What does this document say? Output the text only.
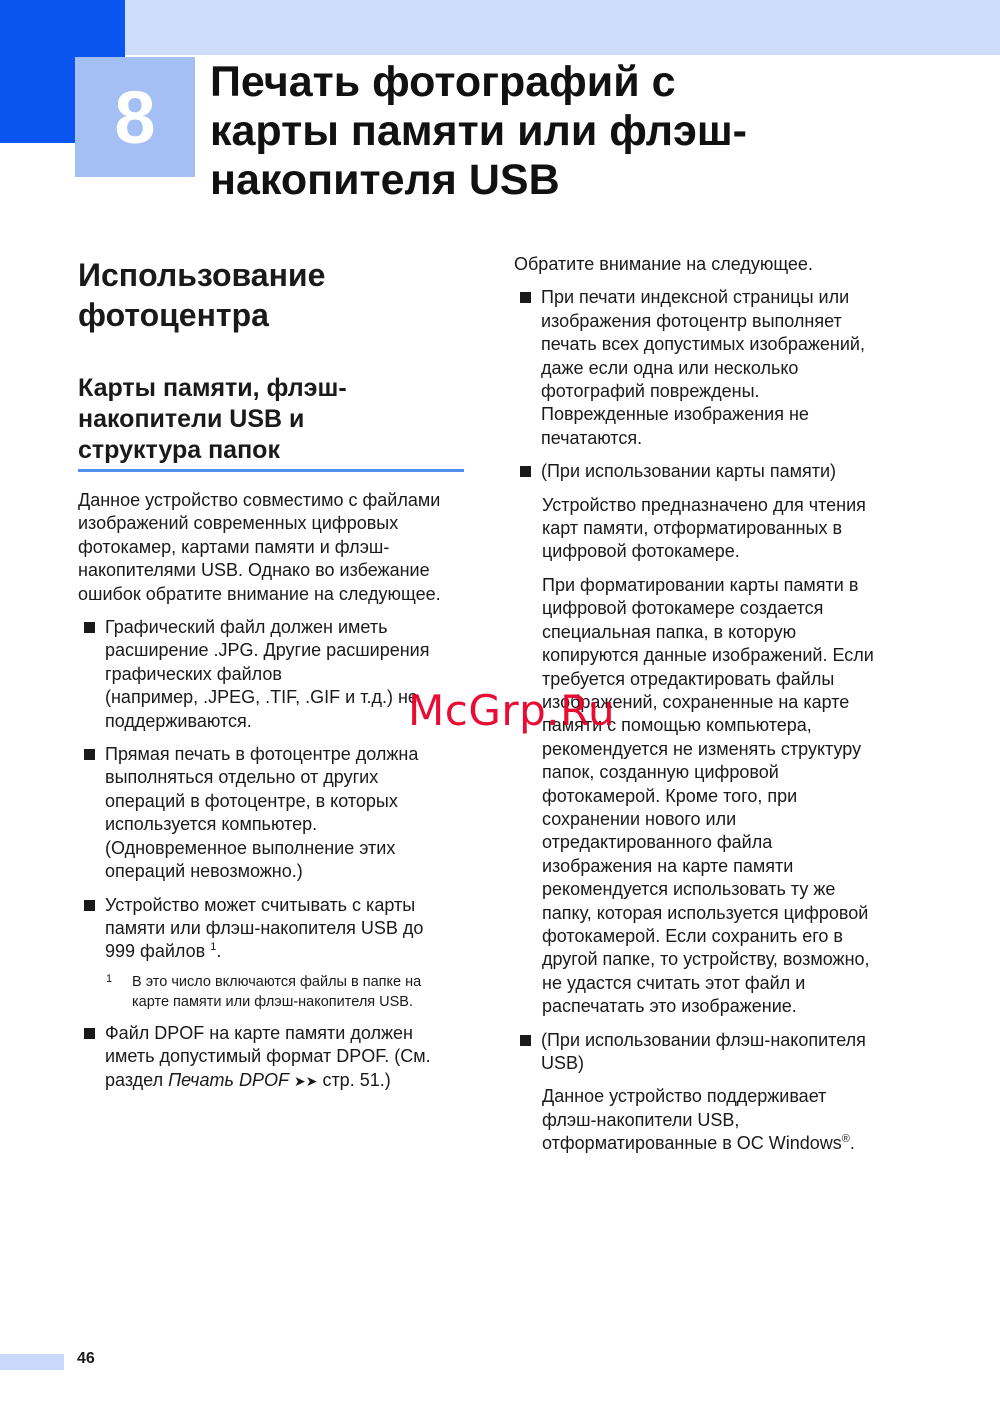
8	Печать фотографий с
карты памяти или флэш-
накопителя USB
Использование
фотоцентра
Карты памяти, флэш-
накопители USB и
структура папок
Данное устройство совместимо с файлами
изображений современных цифровых
фотокамер, картами памяти и флэш-
накопителями USB. Однако во избежание
ошибок обратите внимание на следующее.
Графический файл должен иметь
расширение .JPG. Другие расширения
графических файлов
(например, .JPEG, .TIF, .GIF и т.д.) не
поддерживаются.
Прямая печать в фотоцентре должна
выполняться отдельно от других
операций в фотоцентре, в которых
используется компьютер.
(Одновременное выполнение этих
операций невозможно.)
Устройство может считывать с карты
памяти или флэш-накопителя USB до
999 файлов $^1$.
1 В это число включаются файлы в папке на
карте памяти или флэш-накопителя USB.
Файл DPOF на карте памяти должен
иметь допустимый формат DPOF. (См.
раздел Печать DPOF ➤➤ стр. 51.)
Обратите внимание на следующее.
При печати индексной страницы или
изображения фотоцентр выполняет
печать всех допустимых изображений,
даже если одна или несколько
фотографий повреждены.
Поврежденные изображения не
печатаются.
(При использовании карты памяти)
Устройство предназначено для чтения
карт памяти, отформатированных в
цифровой фотокамере.
При форматировании карты памяти в
цифровой фотокамере создается
специальная папка, в которую
копируются данные изображений. Если
требуется отредактировать файлы
изображений, сохраненные на карте
памяти с помощью компьютера,
рекомендуется не изменять структуру
папок, созданную цифровой
фотокамерой. Кроме того, при
сохранении нового или
отредактированного файла
изображения на карте памяти
рекомендуется использовать ту же
папку, которая используется цифровой
фотокамерой. Если сохранить его в
другой папке, то устройству, возможно,
не удастся считать этот файл и
распечатать это изображение.
(При использовании флэш-накопителя
USB)
Данное устройство поддерживает
флэш-накопители USB,
отформатированные в ОС Windows®.
McGrp.Ru
46
